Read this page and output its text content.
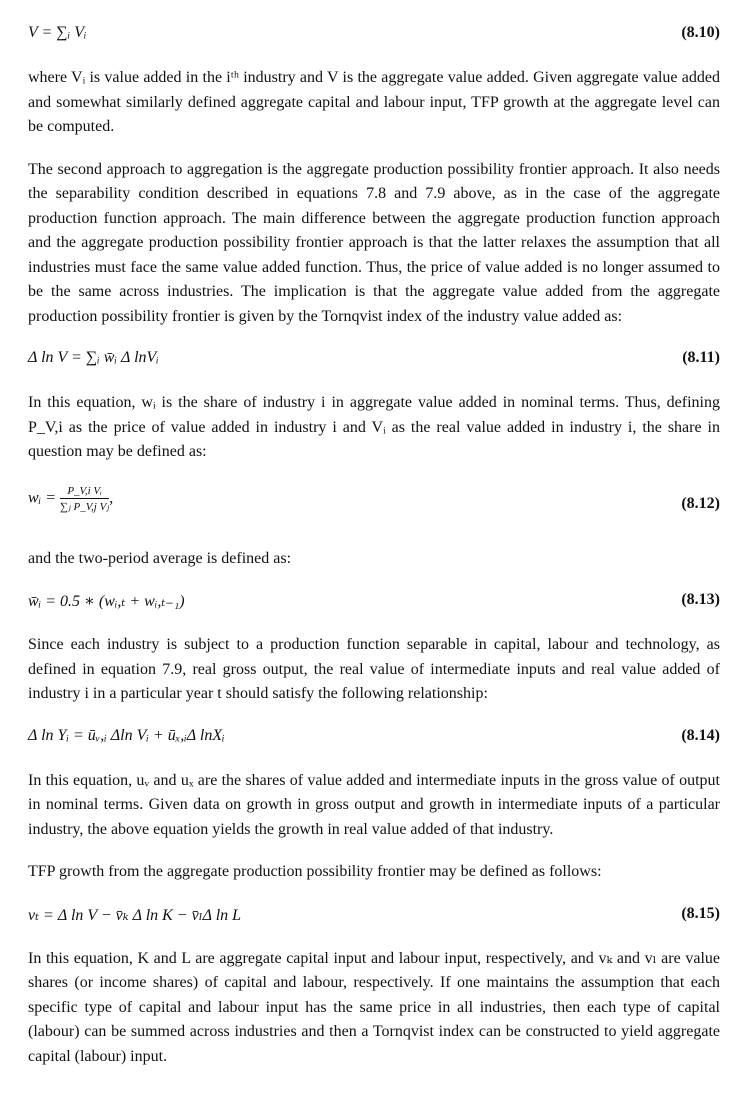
V = ∑ᵢ Vᵢ	(8.10)

where Vᵢ is value added in the iᵗʰ industry and V is the aggregate value added. Given aggregate value added and somewhat similarly defined aggregate capital and labour input, TFP growth at the aggregate level can be computed.

The second approach to aggregation is the aggregate production possibility frontier approach. It also needs the separability condition described in equations 7.8 and 7.9 above, as in the case of the aggregate production function approach. The main difference between the aggregate production function approach and the aggregate production possibility frontier approach is that the latter relaxes the assumption that all industries must face the same value added function. Thus, the price of value added is no longer assumed to be the same across industries. The implication is that the aggregate value added from the aggregate production possibility frontier is given by the Tornqvist index of the industry value added as:

Δ ln V = ∑ᵢ w̄ᵢ Δ lnVᵢ	(8.11)

In this equation, wᵢ is the share of industry i in aggregate value added in nominal terms. Thus, defining P_V,i as the price of value added in industry i and Vᵢ as the real value added in industry i, the share in question may be defined as:

wᵢ = $\frac{\text{P\_V,i Vᵢ}}{\text{∑ⱼ P\_V,j Vⱼ}}$ ,	(8.12)

and the two-period average is defined as:

w̄ᵢ = 0.5 ∗ (wᵢ,ₜ + wᵢ,ₜ₋₁)	(8.13)

Since each industry is subject to a production function separable in capital, labour and technology, as defined in equation 7.9, real gross output, the real value of intermediate inputs and real value added of industry i in a particular year t should satisfy the following relationship:

Δ ln Yᵢ = ūᵥ,ᵢ Δln Vᵢ + ūₓ,ᵢΔ lnXᵢ	(8.14)

In this equation, uᵥ and uₓ are the shares of value added and intermediate inputs in the gross value of output in nominal terms. Given data on growth in gross output and growth in intermediate inputs of a particular industry, the above equation yields the growth in real value added of that industry.

TFP growth from the aggregate production possibility frontier may be defined as follows:

vₜ = Δ ln V − v̄ₖ Δ ln K − v̄ₗΔ ln L	(8.15)

In this equation, K and L are aggregate capital input and labour input, respectively, and vₖ and vₗ are value shares (or income shares) of capital and labour, respectively. If one maintains the assumption that each specific type of capital and labour input has the same price in all industries, then each type of capital (labour) can be summed across industries and then a Tornqvist index can be constructed to yield aggregate capital (labour) input.
